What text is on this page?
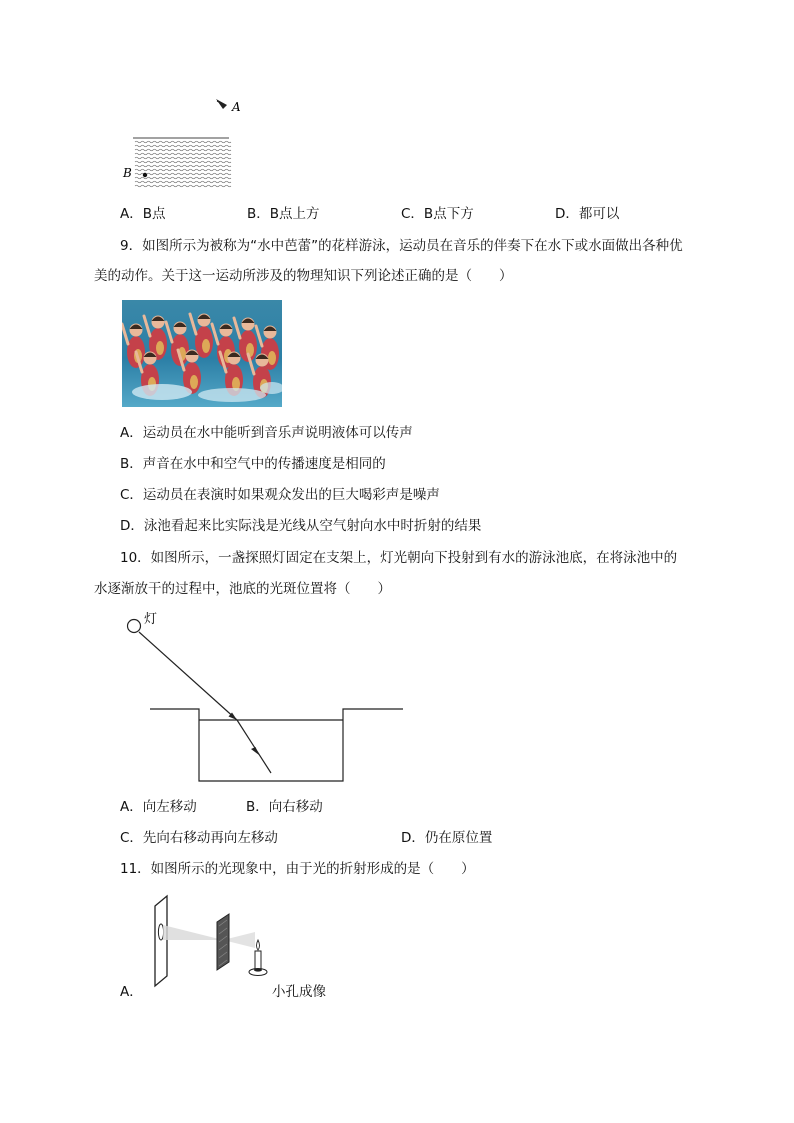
A
B
A．B点	B．B点上方	C．B点下方	D．都可以
9．如图所示为被称为“水中芭蕾”的花样游泳，运动员在音乐的伴奏下在水下或水面做出各种优
美的动作。关于这一运动所涉及的物理知识下列论述正确的是（　　）
A．运动员在水中能听到音乐声说明液体可以传声
B．声音在水中和空气中的传播速度是相同的
C．运动员在表演时如果观众发出的巨大喝彩声是噪声
D．泳池看起来比实际浅是光线从空气射向水中时折射的结果
10．如图所示，一盏探照灯固定在支架上，灯光朝向下投射到有水的游泳池底，在将泳池中的
水逐渐放干的过程中，池底的光斑位置将（　　）
灯
A．向左移动	B．向右移动
C．先向右移动再向左移动	D．仍在原位置
11．如图所示的光现象中，由于光的折射形成的是（　　）
A．	小孔成像
